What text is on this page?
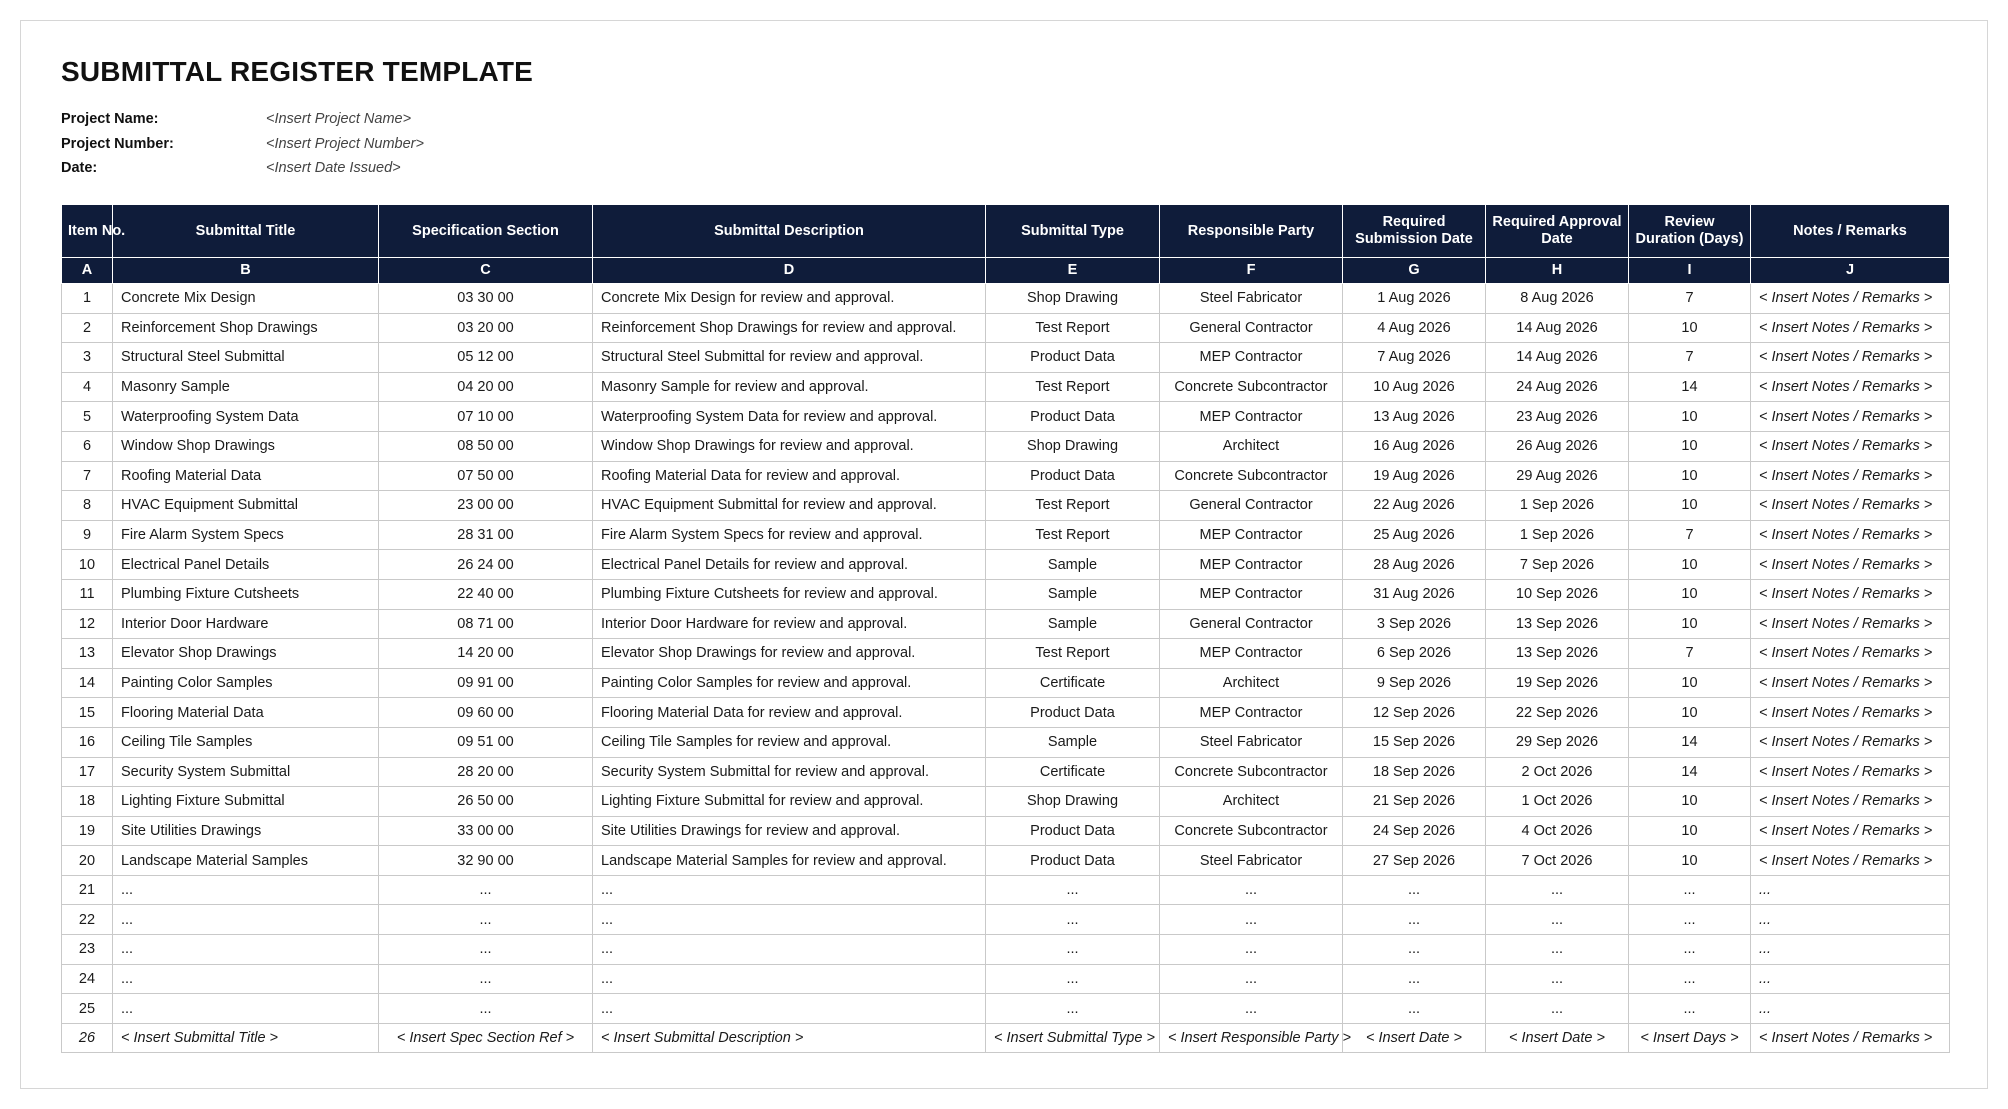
SUBMITTAL REGISTER TEMPLATE
Project Name:	<Insert Project Name>
Project Number:	<Insert Project Number>
Date:	<Insert Date Issued>
Item No.	Submittal Title	Specification Section	Submittal Description	Submittal Type	Responsible Party	Required Submission Date	Required Approval Date	Review Duration (Days)	Notes / Remarks
A	B	C	D	E	F	G	H	I	J
1	Concrete Mix Design	03 30 00	Concrete Mix Design for review and approval.	Shop Drawing	Steel Fabricator	1 Aug 2026	8 Aug 2026	7	< Insert Notes / Remarks >
2	Reinforcement Shop Drawings	03 20 00	Reinforcement Shop Drawings for review and approval.	Test Report	General Contractor	4 Aug 2026	14 Aug 2026	10	< Insert Notes / Remarks >
3	Structural Steel Submittal	05 12 00	Structural Steel Submittal for review and approval.	Product Data	MEP Contractor	7 Aug 2026	14 Aug 2026	7	< Insert Notes / Remarks >
4	Masonry Sample	04 20 00	Masonry Sample for review and approval.	Test Report	Concrete Subcontractor	10 Aug 2026	24 Aug 2026	14	< Insert Notes / Remarks >
5	Waterproofing System Data	07 10 00	Waterproofing System Data for review and approval.	Product Data	MEP Contractor	13 Aug 2026	23 Aug 2026	10	< Insert Notes / Remarks >
6	Window Shop Drawings	08 50 00	Window Shop Drawings for review and approval.	Shop Drawing	Architect	16 Aug 2026	26 Aug 2026	10	< Insert Notes / Remarks >
7	Roofing Material Data	07 50 00	Roofing Material Data for review and approval.	Product Data	Concrete Subcontractor	19 Aug 2026	29 Aug 2026	10	< Insert Notes / Remarks >
8	HVAC Equipment Submittal	23 00 00	HVAC Equipment Submittal for review and approval.	Test Report	General Contractor	22 Aug 2026	1 Sep 2026	10	< Insert Notes / Remarks >
9	Fire Alarm System Specs	28 31 00	Fire Alarm System Specs for review and approval.	Test Report	MEP Contractor	25 Aug 2026	1 Sep 2026	7	< Insert Notes / Remarks >
10	Electrical Panel Details	26 24 00	Electrical Panel Details for review and approval.	Sample	MEP Contractor	28 Aug 2026	7 Sep 2026	10	< Insert Notes / Remarks >
11	Plumbing Fixture Cutsheets	22 40 00	Plumbing Fixture Cutsheets for review and approval.	Sample	MEP Contractor	31 Aug 2026	10 Sep 2026	10	< Insert Notes / Remarks >
12	Interior Door Hardware	08 71 00	Interior Door Hardware for review and approval.	Sample	General Contractor	3 Sep 2026	13 Sep 2026	10	< Insert Notes / Remarks >
13	Elevator Shop Drawings	14 20 00	Elevator Shop Drawings for review and approval.	Test Report	MEP Contractor	6 Sep 2026	13 Sep 2026	7	< Insert Notes / Remarks >
14	Painting Color Samples	09 91 00	Painting Color Samples for review and approval.	Certificate	Architect	9 Sep 2026	19 Sep 2026	10	< Insert Notes / Remarks >
15	Flooring Material Data	09 60 00	Flooring Material Data for review and approval.	Product Data	MEP Contractor	12 Sep 2026	22 Sep 2026	10	< Insert Notes / Remarks >
16	Ceiling Tile Samples	09 51 00	Ceiling Tile Samples for review and approval.	Sample	Steel Fabricator	15 Sep 2026	29 Sep 2026	14	< Insert Notes / Remarks >
17	Security System Submittal	28 20 00	Security System Submittal for review and approval.	Certificate	Concrete Subcontractor	18 Sep 2026	2 Oct 2026	14	< Insert Notes / Remarks >
18	Lighting Fixture Submittal	26 50 00	Lighting Fixture Submittal for review and approval.	Shop Drawing	Architect	21 Sep 2026	1 Oct 2026	10	< Insert Notes / Remarks >
19	Site Utilities Drawings	33 00 00	Site Utilities Drawings for review and approval.	Product Data	Concrete Subcontractor	24 Sep 2026	4 Oct 2026	10	< Insert Notes / Remarks >
20	Landscape Material Samples	32 90 00	Landscape Material Samples for review and approval.	Product Data	Steel Fabricator	27 Sep 2026	7 Oct 2026	10	< Insert Notes / Remarks >
21	...	...	...	...	...	...	...	...	...
22	...	...	...	...	...	...	...	...	...
23	...	...	...	...	...	...	...	...	...
24	...	...	...	...	...	...	...	...	...
25	...	...	...	...	...	...	...	...	...
26	< Insert Submittal Title >	< Insert Spec Section Ref >	< Insert Submittal Description >	< Insert Submittal Type >	< Insert Responsible Party >	< Insert Date >	< Insert Date >	< Insert Days >	< Insert Notes / Remarks >
